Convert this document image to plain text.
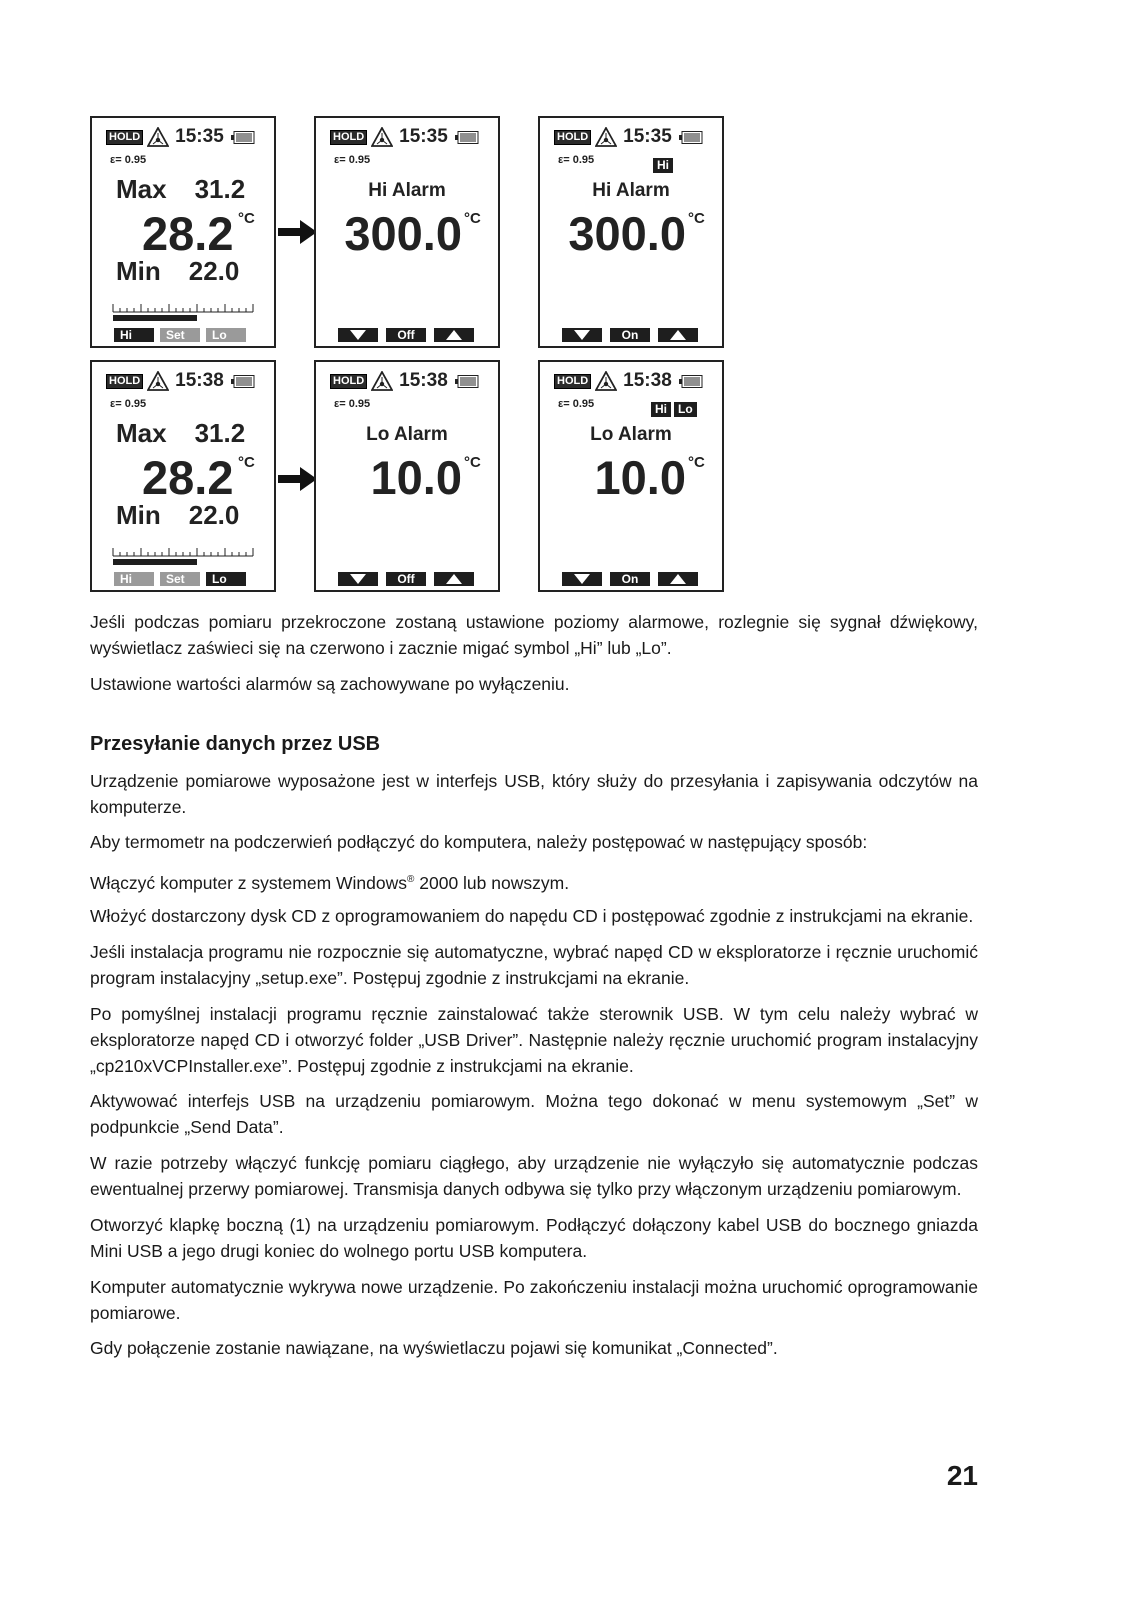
HOLD 15:35
ε= 0.95
Max 31.2
28.2 °C
Min 22.0
Hi	Set	Lo
HOLD 15:35
ε= 0.95
Hi Alarm
300.0 °C
Off
HOLD 15:35
ε= 0.95	Hi
Hi Alarm
300.0 °C
On
HOLD 15:38
ε= 0.95
Max 31.2
28.2 °C
Min 22.0
Hi	Set	Lo
HOLD 15:38
ε= 0.95
Lo Alarm
10.0 °C
Off
HOLD 15:38
ε= 0.95	Hi Lo
Lo Alarm
10.0 °C
On

Jeśli podczas pomiaru przekroczone zostaną ustawione poziomy alarmowe, rozlegnie się sygnał dźwiękowy, wyświetlacz zaświeci się na czerwono i zacznie migać symbol „Hi” lub „Lo”.

Ustawione wartości alarmów są zachowywane po wyłączeniu.

Przesyłanie danych przez USB

Urządzenie pomiarowe wyposażone jest w interfejs USB, który służy do przesyłania i zapisywania odczytów na komputerze.

Aby termometr na podczerwień podłączyć do komputera, należy postępować w następujący sposób:

Włączyć komputer z systemem Windows® 2000 lub nowszym.

Włożyć dostarczony dysk CD z oprogramowaniem do napędu CD i postępować zgodnie z instrukcjami na ekranie.

Jeśli instalacja programu nie rozpocznie się automatyczne, wybrać napęd CD w eksploratorze i ręcznie uruchomić program instalacyjny „setup.exe”. Postępuj zgodnie z instrukcjami na ekranie.

Po pomyślnej instalacji programu ręcznie zainstalować także sterownik USB. W tym celu należy wybrać w eksploratorze napęd CD i otworzyć folder „USB Driver”. Następnie należy ręcznie uruchomić program instalacyjny „cp210xVCPInstaller.exe”. Postępuj zgodnie z instrukcjami na ekranie.

Aktywować interfejs USB na urządzeniu pomiarowym. Można tego dokonać w menu systemowym „Set” w podpunkcie „Send Data”.

W razie potrzeby włączyć funkcję pomiaru ciągłego, aby urządzenie nie wyłączyło się automatycznie podczas ewentualnej przerwy pomiarowej. Transmisja danych odbywa się tylko przy włączonym urządzeniu pomiarowym.

Otworzyć klapkę boczną (1) na urządzeniu pomiarowym. Podłączyć dołączony kabel USB do bocznego gniazda Mini USB a jego drugi koniec do wolnego portu USB komputera.

Komputer automatycznie wykrywa nowe urządzenie. Po zakończeniu instalacji można uruchomić oprogramowanie pomiarowe.

Gdy połączenie zostanie nawiązane, na wyświetlaczu pojawi się komunikat „Connected”.

21
